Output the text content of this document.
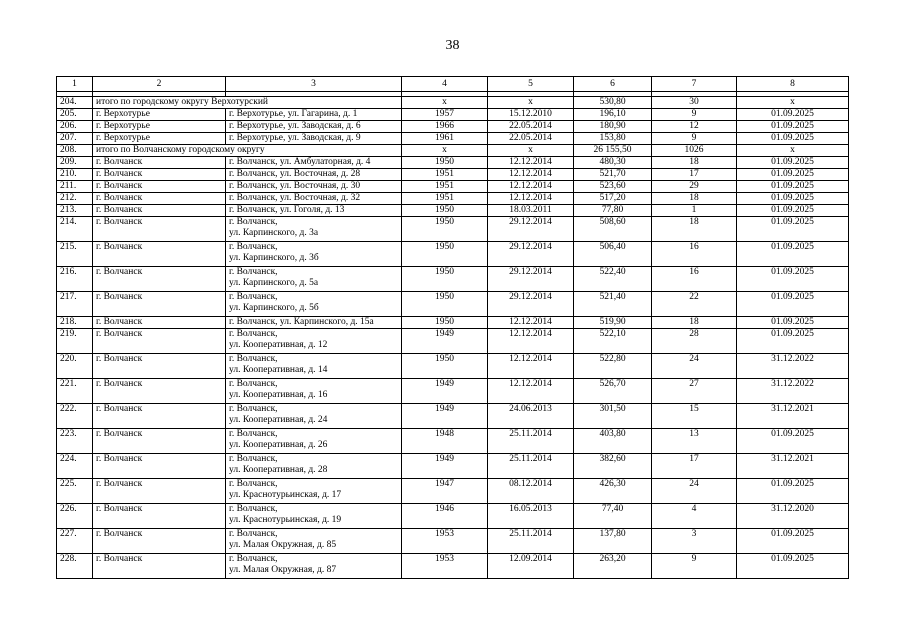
38
1	2	3	4	5	6	7	8

204.	итого по городскому округу Верхотурский		х	х	530,80	30	х
205.	г. Верхотурье	г. Верхотурье, ул. Гагарина, д. 1	1957	15.12.2010	196,10	9	01.09.2025
206.	г. Верхотурье	г. Верхотурье, ул. Заводская, д. 6	1966	22.05.2014	180,90	12	01.09.2025
207.	г. Верхотурье	г. Верхотурье, ул. Заводская, д. 9	1961	22.05.2014	153,80	9	01.09.2025
208.	итого по Волчанскому городскому округу		х	х	26 155,50	1026	х
209.	г. Волчанск	г. Волчанск, ул. Амбулаторная, д. 4	1950	12.12.2014	480,30	18	01.09.2025
210.	г. Волчанск	г. Волчанск, ул. Восточная, д. 28	1951	12.12.2014	521,70	17	01.09.2025
211.	г. Волчанск	г. Волчанск, ул. Восточная, д. 30	1951	12.12.2014	523,60	29	01.09.2025
212.	г. Волчанск	г. Волчанск, ул. Восточная, д. 32	1951	12.12.2014	517,20	18	01.09.2025
213.	г. Волчанск	г. Волчанск, ул. Гоголя, д. 13	1950	18.03.2011	77,80	1	01.09.2025
214.	г. Волчанск	г. Волчанск,
ул. Карпинского, д. 3а	1950	29.12.2014	508,60	18	01.09.2025
215.	г. Волчанск	г. Волчанск,
ул. Карпинского, д. 3б	1950	29.12.2014	506,40	16	01.09.2025
216.	г. Волчанск	г. Волчанск,
ул. Карпинского, д. 5а	1950	29.12.2014	522,40	16	01.09.2025
217.	г. Волчанск	г. Волчанск,
ул. Карпинского, д. 5б	1950	29.12.2014	521,40	22	01.09.2025
218.	г. Волчанск	г. Волчанск, ул. Карпинского, д. 15а	1950	12.12.2014	519,90	18	01.09.2025
219.	г. Волчанск	г. Волчанск,
ул. Кооперативная, д. 12	1949	12.12.2014	522,10	28	01.09.2025
220.	г. Волчанск	г. Волчанск,
ул. Кооперативная, д. 14	1950	12.12.2014	522,80	24	31.12.2022
221.	г. Волчанск	г. Волчанск,
ул. Кооперативная, д. 16	1949	12.12.2014	526,70	27	31.12.2022
222.	г. Волчанск	г. Волчанск,
ул. Кооперативная, д. 24	1949	24.06.2013	301,50	15	31.12.2021
223.	г. Волчанск	г. Волчанск,
ул. Кооперативная, д. 26	1948	25.11.2014	403,80	13	01.09.2025
224.	г. Волчанск	г. Волчанск,
ул. Кооперативная, д. 28	1949	25.11.2014	382,60	17	31.12.2021
225.	г. Волчанск	г. Волчанск,
ул. Краснотурьинская, д. 17	1947	08.12.2014	426,30	24	01.09.2025
226.	г. Волчанск	г. Волчанск,
ул. Краснотурьинская, д. 19	1946	16.05.2013	77,40	4	31.12.2020
227.	г. Волчанск	г. Волчанск,
ул. Малая Окружная, д. 85	1953	25.11.2014	137,80	3	01.09.2025
228.	г. Волчанск	г. Волчанск,
ул. Малая Окружная, д. 87	1953	12.09.2014	263,20	9	01.09.2025
